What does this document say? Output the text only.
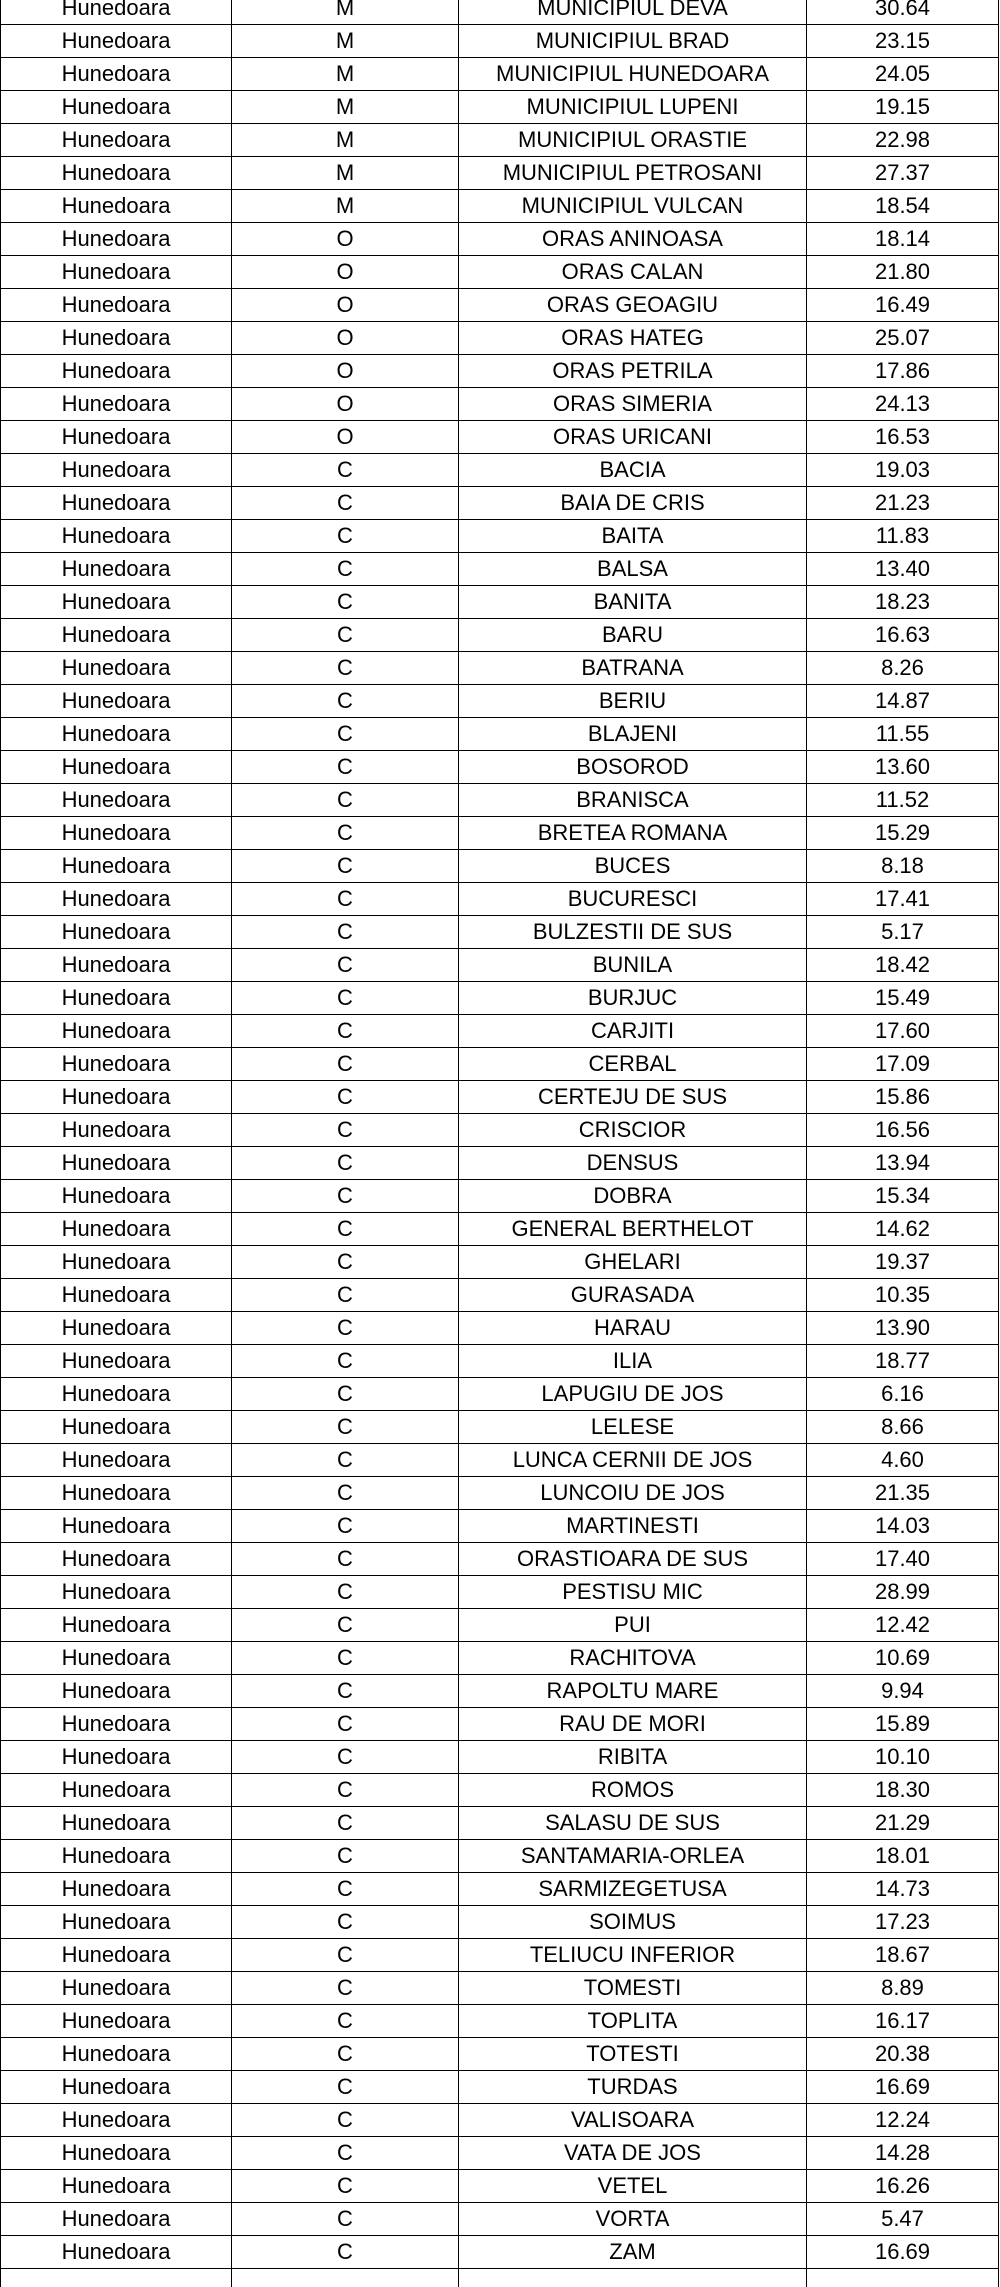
Hunedoara	M	MUNICIPIUL DEVA	30.64
Hunedoara	M	MUNICIPIUL BRAD	23.15
Hunedoara	M	MUNICIPIUL HUNEDOARA	24.05
Hunedoara	M	MUNICIPIUL LUPENI	19.15
Hunedoara	M	MUNICIPIUL ORASTIE	22.98
Hunedoara	M	MUNICIPIUL PETROSANI	27.37
Hunedoara	M	MUNICIPIUL VULCAN	18.54
Hunedoara	O	ORAS ANINOASA	18.14
Hunedoara	O	ORAS CALAN	21.80
Hunedoara	O	ORAS GEOAGIU	16.49
Hunedoara	O	ORAS HATEG	25.07
Hunedoara	O	ORAS PETRILA	17.86
Hunedoara	O	ORAS SIMERIA	24.13
Hunedoara	O	ORAS URICANI	16.53
Hunedoara	C	BACIA	19.03
Hunedoara	C	BAIA DE CRIS	21.23
Hunedoara	C	BAITA	11.83
Hunedoara	C	BALSA	13.40
Hunedoara	C	BANITA	18.23
Hunedoara	C	BARU	16.63
Hunedoara	C	BATRANA	8.26
Hunedoara	C	BERIU	14.87
Hunedoara	C	BLAJENI	11.55
Hunedoara	C	BOSOROD	13.60
Hunedoara	C	BRANISCA	11.52
Hunedoara	C	BRETEA ROMANA	15.29
Hunedoara	C	BUCES	8.18
Hunedoara	C	BUCURESCI	17.41
Hunedoara	C	BULZESTII DE SUS	5.17
Hunedoara	C	BUNILA	18.42
Hunedoara	C	BURJUC	15.49
Hunedoara	C	CARJITI	17.60
Hunedoara	C	CERBAL	17.09
Hunedoara	C	CERTEJU DE SUS	15.86
Hunedoara	C	CRISCIOR	16.56
Hunedoara	C	DENSUS	13.94
Hunedoara	C	DOBRA	15.34
Hunedoara	C	GENERAL BERTHELOT	14.62
Hunedoara	C	GHELARI	19.37
Hunedoara	C	GURASADA	10.35
Hunedoara	C	HARAU	13.90
Hunedoara	C	ILIA	18.77
Hunedoara	C	LAPUGIU DE JOS	6.16
Hunedoara	C	LELESE	8.66
Hunedoara	C	LUNCA CERNII DE JOS	4.60
Hunedoara	C	LUNCOIU DE JOS	21.35
Hunedoara	C	MARTINESTI	14.03
Hunedoara	C	ORASTIOARA DE SUS	17.40
Hunedoara	C	PESTISU MIC	28.99
Hunedoara	C	PUI	12.42
Hunedoara	C	RACHITOVA	10.69
Hunedoara	C	RAPOLTU MARE	9.94
Hunedoara	C	RAU DE MORI	15.89
Hunedoara	C	RIBITA	10.10
Hunedoara	C	ROMOS	18.30
Hunedoara	C	SALASU DE SUS	21.29
Hunedoara	C	SANTAMARIA-ORLEA	18.01
Hunedoara	C	SARMIZEGETUSA	14.73
Hunedoara	C	SOIMUS	17.23
Hunedoara	C	TELIUCU INFERIOR	18.67
Hunedoara	C	TOMESTI	8.89
Hunedoara	C	TOPLITA	16.17
Hunedoara	C	TOTESTI	20.38
Hunedoara	C	TURDAS	16.69
Hunedoara	C	VALISOARA	12.24
Hunedoara	C	VATA DE JOS	14.28
Hunedoara	C	VETEL	16.26
Hunedoara	C	VORTA	5.47
Hunedoara	C	ZAM	16.69
